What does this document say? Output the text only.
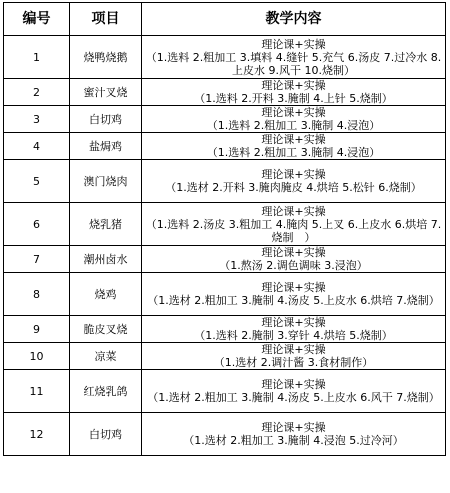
编号	项目	教学内容
1	烧鸭烧鹅	理论课+实操
（1.选料 2.粗加工 3.填料 4.缝针 5.充气 6.汤皮 7.过冷水 8.上皮水 9.风干 10.烧制）

2	蜜汁叉烧	理论课+实操
（1.选料 2.开料 3.腌制 4.上针 5.烧制）

3	白切鸡	理论课+实操
（1.选料 2.粗加工 3.腌制 4.浸泡）

4	盐焗鸡	理论课+实操
（1.选料 2.粗加工 3.腌制 4.浸泡）

5	澳门烧肉	理论课+实操
（1.选材 2.开料 3.腌肉腌皮 4.烘培 5.松针 6.烧制）

6	烧乳猪	理论课+实操
（1.选料 2.汤皮 3.粗加工 4.腌肉 5.上叉 6.上皮水 6.烘培 7.烧制　）

7	潮州卤水	理论课+实操
（1.熬汤 2.调色调味 3.浸泡）

8	烧鸡	理论课+实操
（1.选材 2.粗加工 3.腌制 4.汤皮 5.上皮水 6.烘培 7.烧制）

9	脆皮叉烧	理论课+实操
（1.选料 2.腌制 3.穿针 4.烘培 5.烧制）

10	凉菜	理论课+实操
（1.选材 2.调汁酱 3.食材制作）

11	红烧乳鸽	理论课+实操
（1.选材 2.粗加工 3.腌制 4.汤皮 5.上皮水 6.风干 7.烧制）

12	白切鸡	理论课+实操
（1.选材 2.粗加工 3.腌制 4.浸泡 5.过冷河）
